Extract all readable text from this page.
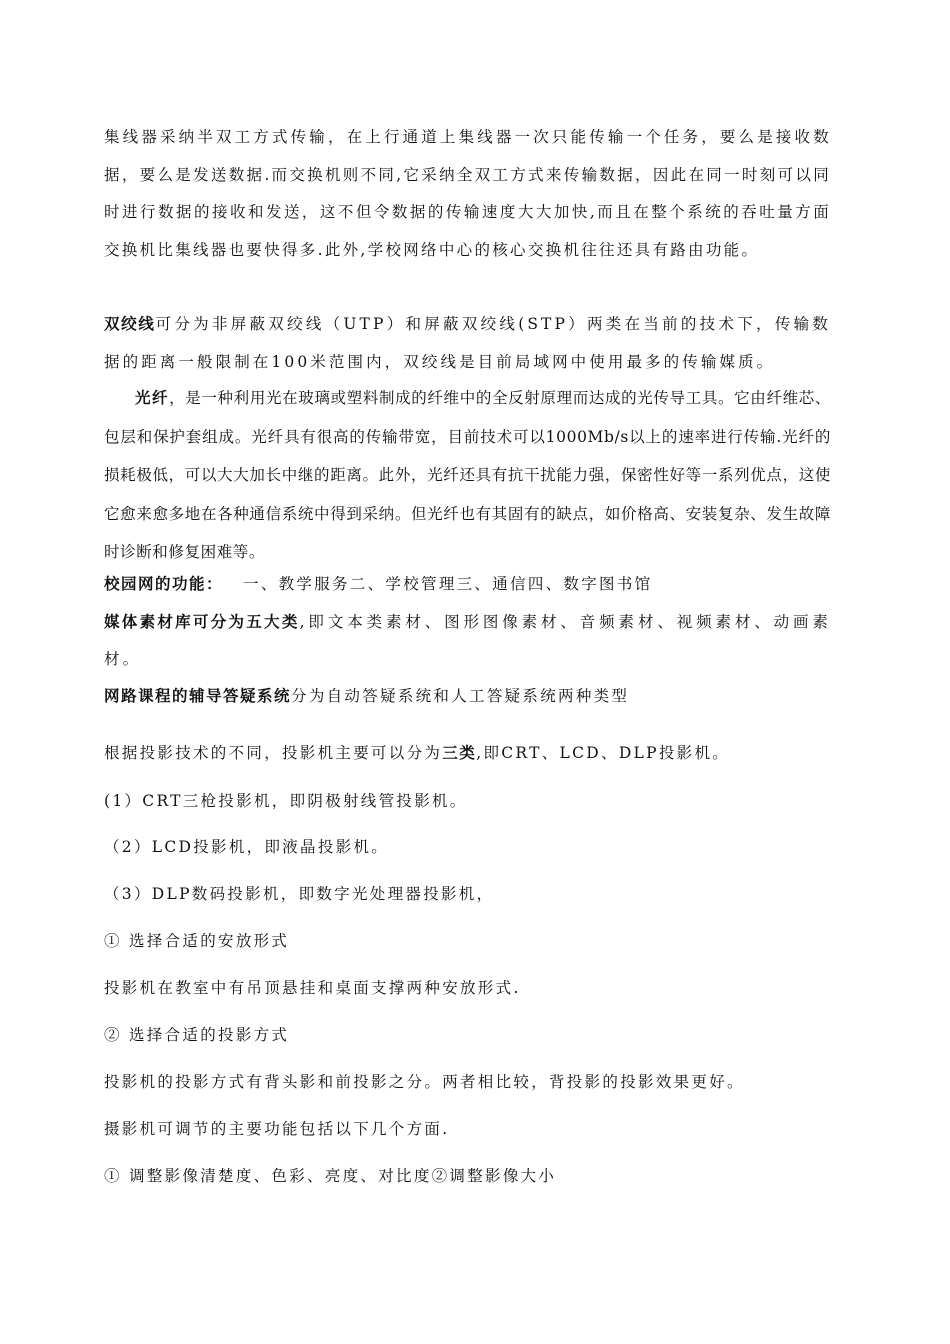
集线器采纳半双工方式传输，在上行通道上集线器一次只能传输一个任务，要么是接收数据，要么是发送数据.而交换机则不同,它采纳全双工方式来传输数据，因此在同一时刻可以同时进行数据的接收和发送，这不但令数据的传输速度大大加快,而且在整个系统的吞吐量方面交换机比集线器也要快得多.此外,学校网络中心的核心交换机往往还具有路由功能。

双绞线可分为非屏蔽双绞线（UTP）和屏蔽双绞线(STP）两类在当前的技术下，传输数据的距离一般限制在100米范围内，双绞线是目前局域网中使用最多的传输媒质。

光纤，是一种利用光在玻璃或塑料制成的纤维中的全反射原理而达成的光传导工具。它由纤维芯、包层和保护套组成。光纤具有很高的传输带宽，目前技术可以1000Mb/s以上的速率进行传输.光纤的损耗极低，可以大大加长中继的距离。此外，光纤还具有抗干扰能力强，保密性好等一系列优点，这使它愈来愈多地在各种通信系统中得到采纳。但光纤也有其固有的缺点，如价格高、安装复杂、发生故障时诊断和修复困难等。

校园网的功能： 一、教学服务二、学校管理三、通信四、数字图书馆

媒体素材库可分为五大类,即文本类素材、图形图像素材、音频素材、视频素材、动画素材。

网路课程的辅导答疑系统分为自动答疑系统和人工答疑系统两种类型

根据投影技术的不同，投影机主要可以分为三类,即CRT、LCD、DLP投影机。

(1）CRT三枪投影机，即阴极射线管投影机。

（2）LCD投影机，即液晶投影机。

（3）DLP数码投影机，即数字光处理器投影机，

① 选择合适的安放形式

投影机在教室中有吊顶悬挂和桌面支撑两种安放形式.

② 选择合适的投影方式

投影机的投影方式有背头影和前投影之分。两者相比较，背投影的投影效果更好。

摄影机可调节的主要功能包括以下几个方面.

① 调整影像清楚度、色彩、亮度、对比度②调整影像大小
